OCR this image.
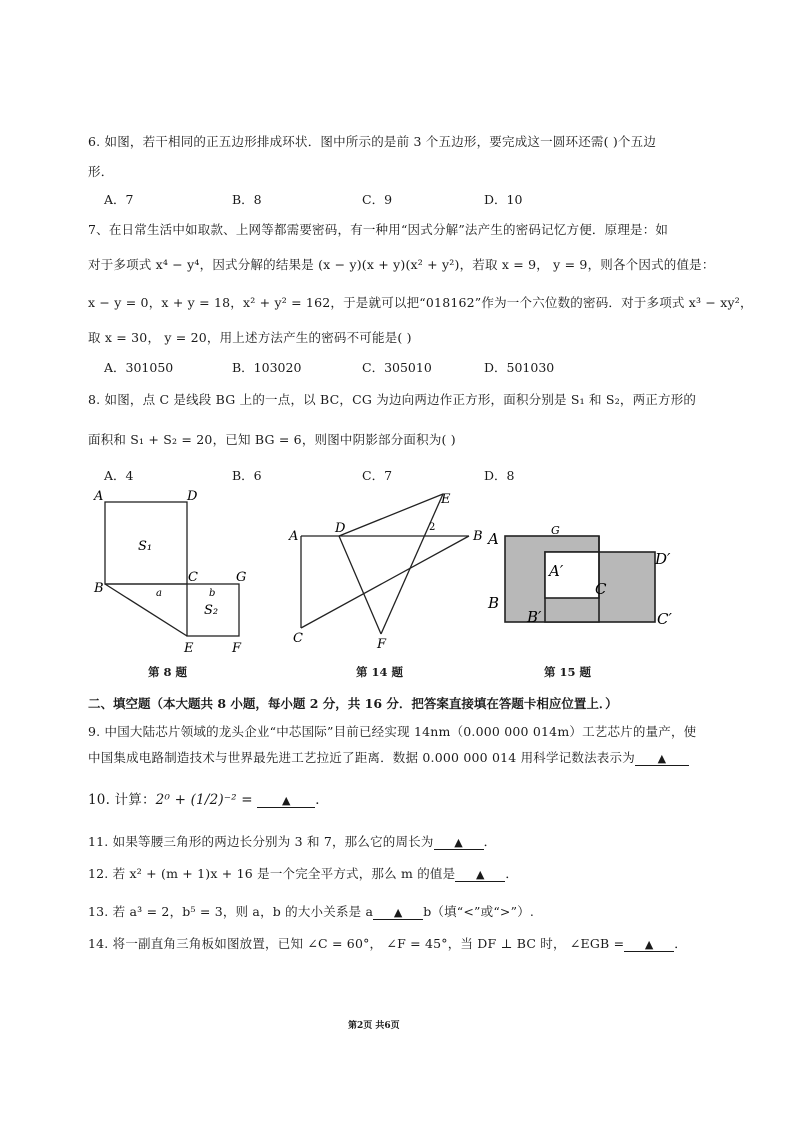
6. 如图，若干相同的正五边形排成环状．图中所示的是前 3 个五边形，要完成这一圆环还需( )个五边
形．
A．7	B．8	C．9	D．10
7、在日常生活中如取款、上网等都需要密码，有一种用“因式分解”法产生的密码记忆方便．原理是：如
对于多项式 x⁴ − y⁴，因式分解的结果是 (x − y)(x + y)(x² + y²)，若取 x = 9， y = 9，则各个因式的值是：
x − y = 0，x + y = 18，x² + y² = 162，于是就可以把“018162”作为一个六位数的密码．对于多项式 x³ − xy²，
取 x = 30， y = 20，用上述方法产生的密码不可能是( )
A．301050	B．103020	C．305010	D．501030
8. 如图，点 C 是线段 BG 上的一点，以 BC，CG 为边向两边作正方形，面积分别是 S₁ 和 S₂，两正方形的
面积和 S₁ + S₂ = 20，已知 BG = 6，则图中阴影部分面积为( )
A．4	B．6	C．7	D．8
A	D
B
C	G
E	F
S₁
S₂
a	b
第 8 题
A
D
E
B
C	F
2
第 14 题
A
A′
D′
B
C
B′	C′
G
第 15 题
二、填空题（本大题共 8 小题，每小题 2 分，共 16 分．把答案直接填在答题卡相应位置上．）
9. 中国大陆芯片领域的龙头企业“中芯国际”目前已经实现 14nm（0.000 000 014m）工艺芯片的量产，使
中国集成电路制造技术与世界最先进工艺拉近了距离．数据 0.000 000 014 用科学记数法表示为 ▲
10. 计算：2⁰ + (1/2)⁻² =	▲ ．
11. 如果等腰三角形的两边长分别为 3 和 7，那么它的周长为 ▲ ．
12. 若 x² + (m + 1)x + 16 是一个完全平方式，那么 m 的值是 ▲ ．
13. 若 a³ = 2，b⁵ = 3，则 a，b 的大小关系是 a ▲ b（填“<”或“>”）.
14. 将一副直角三角板如图放置，已知 ∠C = 60°， ∠F = 45°，当 DF ⊥ BC 时， ∠EGB = ▲ ．
第2页 共6页
